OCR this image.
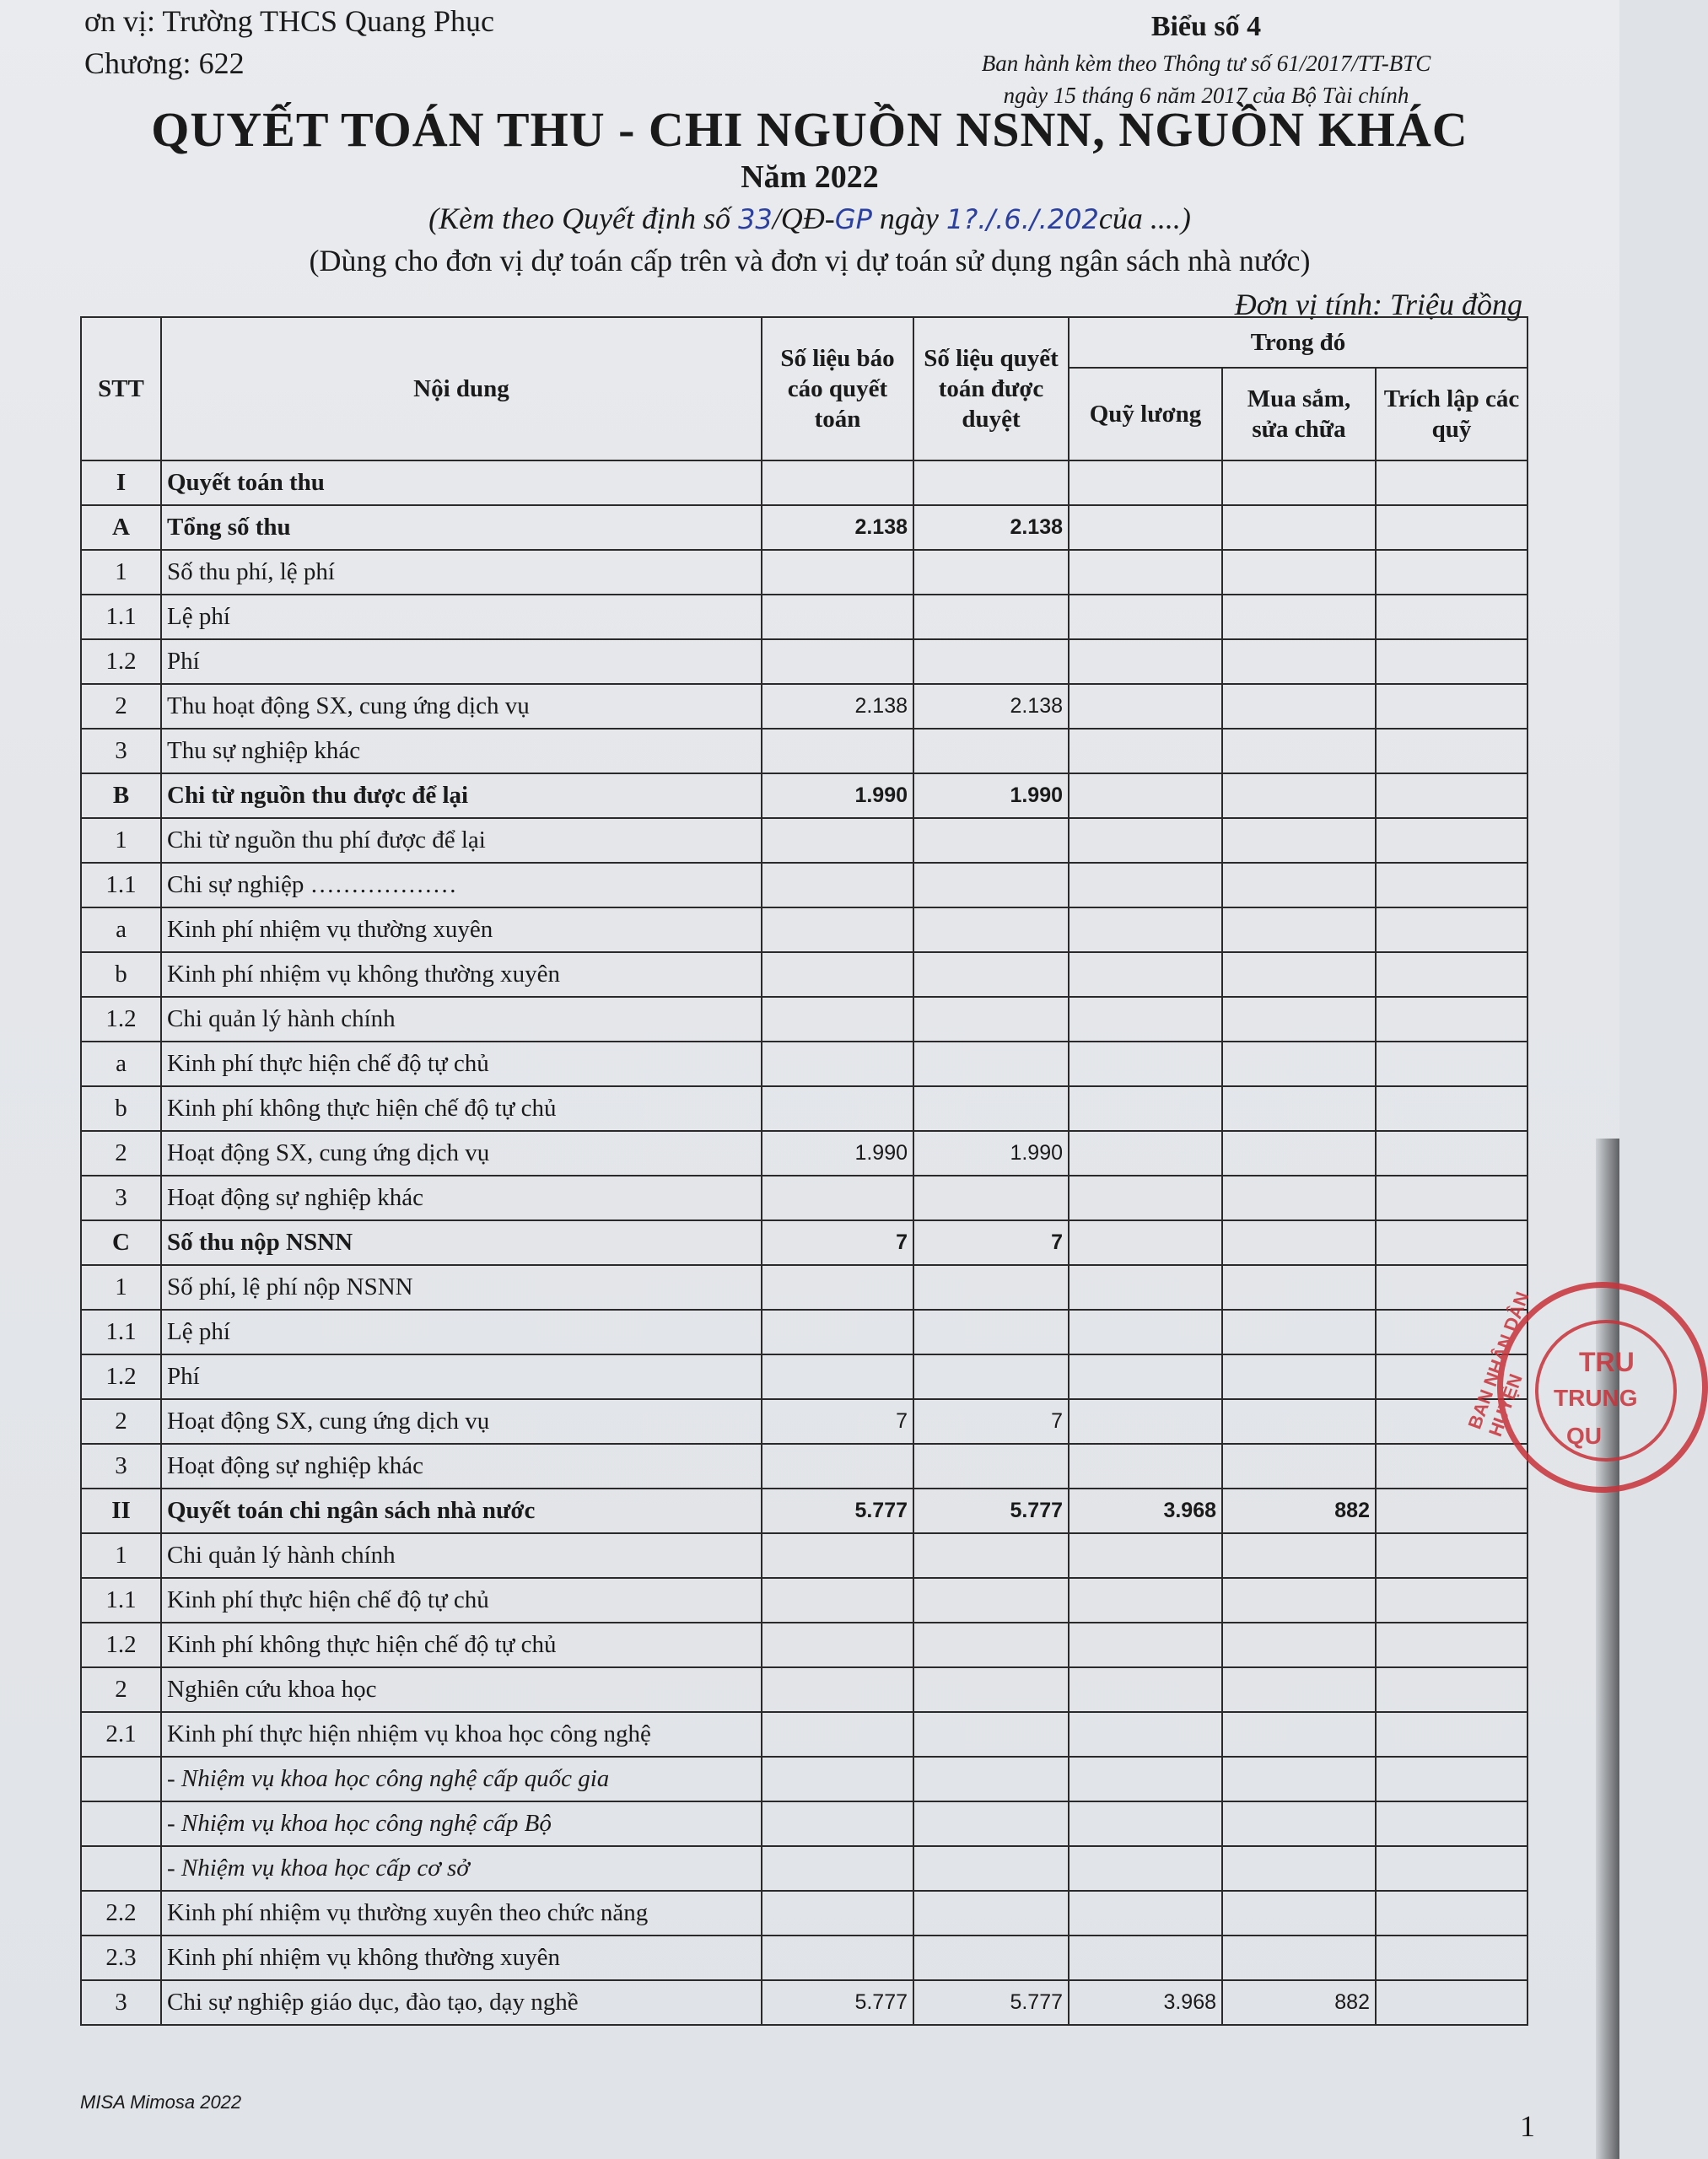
ơn vị: Trường THCS Quang Phục
Chương: 622
Biểu số 4
Ban hành kèm theo Thông tư số 61/2017/TT-BTC
ngày 15 tháng 6 năm 2017 của Bộ Tài chính
QUYẾT TOÁN THU - CHI NGUỒN NSNN, NGUỒN KHÁC
Năm 2022
(Kèm theo Quyết định số 33/QĐ-GP ngày 1?./.6./.202của ....)
(Dùng cho đơn vị dự toán cấp trên và đơn vị dự toán sử dụng ngân sách nhà nước)
Đơn vị tính: Triệu đồng
STT	Nội dung	Số liệu báo cáo quyết toán	Số liệu quyết toán được duyệt	Trong đó		
				Quỹ lương	Mua sắm, sửa chữa	Trích lập các quỹ
I	Quyết toán thu					
A	Tổng số thu	2.138	2.138			
1	Số thu phí, lệ phí					
1.1	Lệ phí					
1.2	Phí					
2	Thu hoạt động SX, cung ứng dịch vụ	2.138	2.138			
3	Thu sự nghiệp khác					
B	Chi từ nguồn thu được để lại	1.990	1.990			
1	Chi từ nguồn thu phí được để lại					
1.1	Chi sự nghiệp ………………					
a	Kinh phí nhiệm vụ thường xuyên					
b	Kinh phí nhiệm vụ không thường xuyên					
1.2	Chi quản lý hành chính					
a	Kinh phí thực hiện chế độ tự chủ					
b	Kinh phí không thực hiện chế độ tự chủ					
2	Hoạt động SX, cung ứng dịch vụ	1.990	1.990			
3	Hoạt động sự nghiệp khác					
C	Số thu nộp NSNN	7	7			
1	Số phí, lệ phí nộp NSNN					
1.1	Lệ phí					
1.2	Phí					
2	Hoạt động SX, cung ứng dịch vụ	7	7			
3	Hoạt động sự nghiệp khác					
II	Quyết toán chi ngân sách nhà nước	5.777	5.777	3.968	882	
1	Chi quản lý hành chính					
1.1	Kinh phí thực hiện chế độ tự chủ					
1.2	Kinh phí không thực hiện chế độ tự chủ					
2	Nghiên cứu khoa học					
2.1	Kinh phí thực hiện nhiệm vụ khoa học công nghệ					
	- Nhiệm vụ khoa học công nghệ cấp quốc gia					
	- Nhiệm vụ khoa học công nghệ cấp Bộ					
	- Nhiệm vụ khoa học cấp cơ sở					
2.2	Kinh phí nhiệm vụ thường xuyên theo chức năng					
2.3	Kinh phí nhiệm vụ không thường xuyên					
3	Chi sự nghiệp giáo dục, đào tạo, dạy nghề	5.777	5.777	3.968	882	
BAN NHÂN DÂN HUYỆN
TRU
TRUNG
QU
MISA Mimosa 2022
1
